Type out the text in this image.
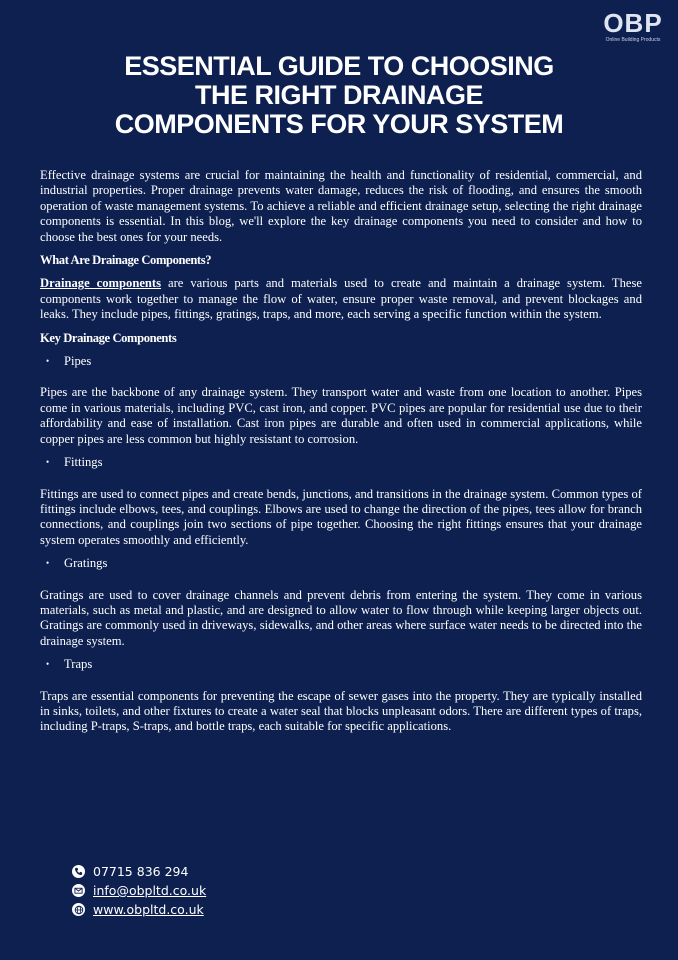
OBP
Online Building Products
ESSENTIAL GUIDE TO CHOOSING
THE RIGHT DRAINAGE
COMPONENTS FOR YOUR SYSTEM

Effective drainage systems are crucial for maintaining the health and functionality of residential, commercial, and industrial properties. Proper drainage prevents water damage, reduces the risk of flooding, and ensures the smooth operation of waste management systems. To achieve a reliable and efficient drainage setup, selecting the right drainage components is essential. In this blog, we'll explore the key drainage components you need to consider and how to choose the best ones for your needs.

What Are Drainage Components?

Drainage components are various parts and materials used to create and maintain a drainage system. These components work together to manage the flow of water, ensure proper waste removal, and prevent blockages and leaks. They include pipes, fittings, gratings, traps, and more, each serving a specific function within the system.

Key Drainage Components

•	Pipes

Pipes are the backbone of any drainage system. They transport water and waste from one location to another. Pipes come in various materials, including PVC, cast iron, and copper. PVC pipes are popular for residential use due to their affordability and ease of installation. Cast iron pipes are durable and often used in commercial applications, while copper pipes are less common but highly resistant to corrosion.

•	Fittings

Fittings are used to connect pipes and create bends, junctions, and transitions in the drainage system. Common types of fittings include elbows, tees, and couplings. Elbows are used to change the direction of the pipes, tees allow for branch connections, and couplings join two sections of pipe together. Choosing the right fittings ensures that your drainage system operates smoothly and efficiently.

•	Gratings

Gratings are used to cover drainage channels and prevent debris from entering the system. They come in various materials, such as metal and plastic, and are designed to allow water to flow through while keeping larger objects out. Gratings are commonly used in driveways, sidewalks, and other areas where surface water needs to be directed into the drainage system.

•	Traps

Traps are essential components for preventing the escape of sewer gases into the property. They are typically installed in sinks, toilets, and other fixtures to create a water seal that blocks unpleasant odors. There are different types of traps, including P-traps, S-traps, and bottle traps, each suitable for specific applications.

07715 836 294
info@obpltd.co.uk
www.obpltd.co.uk
